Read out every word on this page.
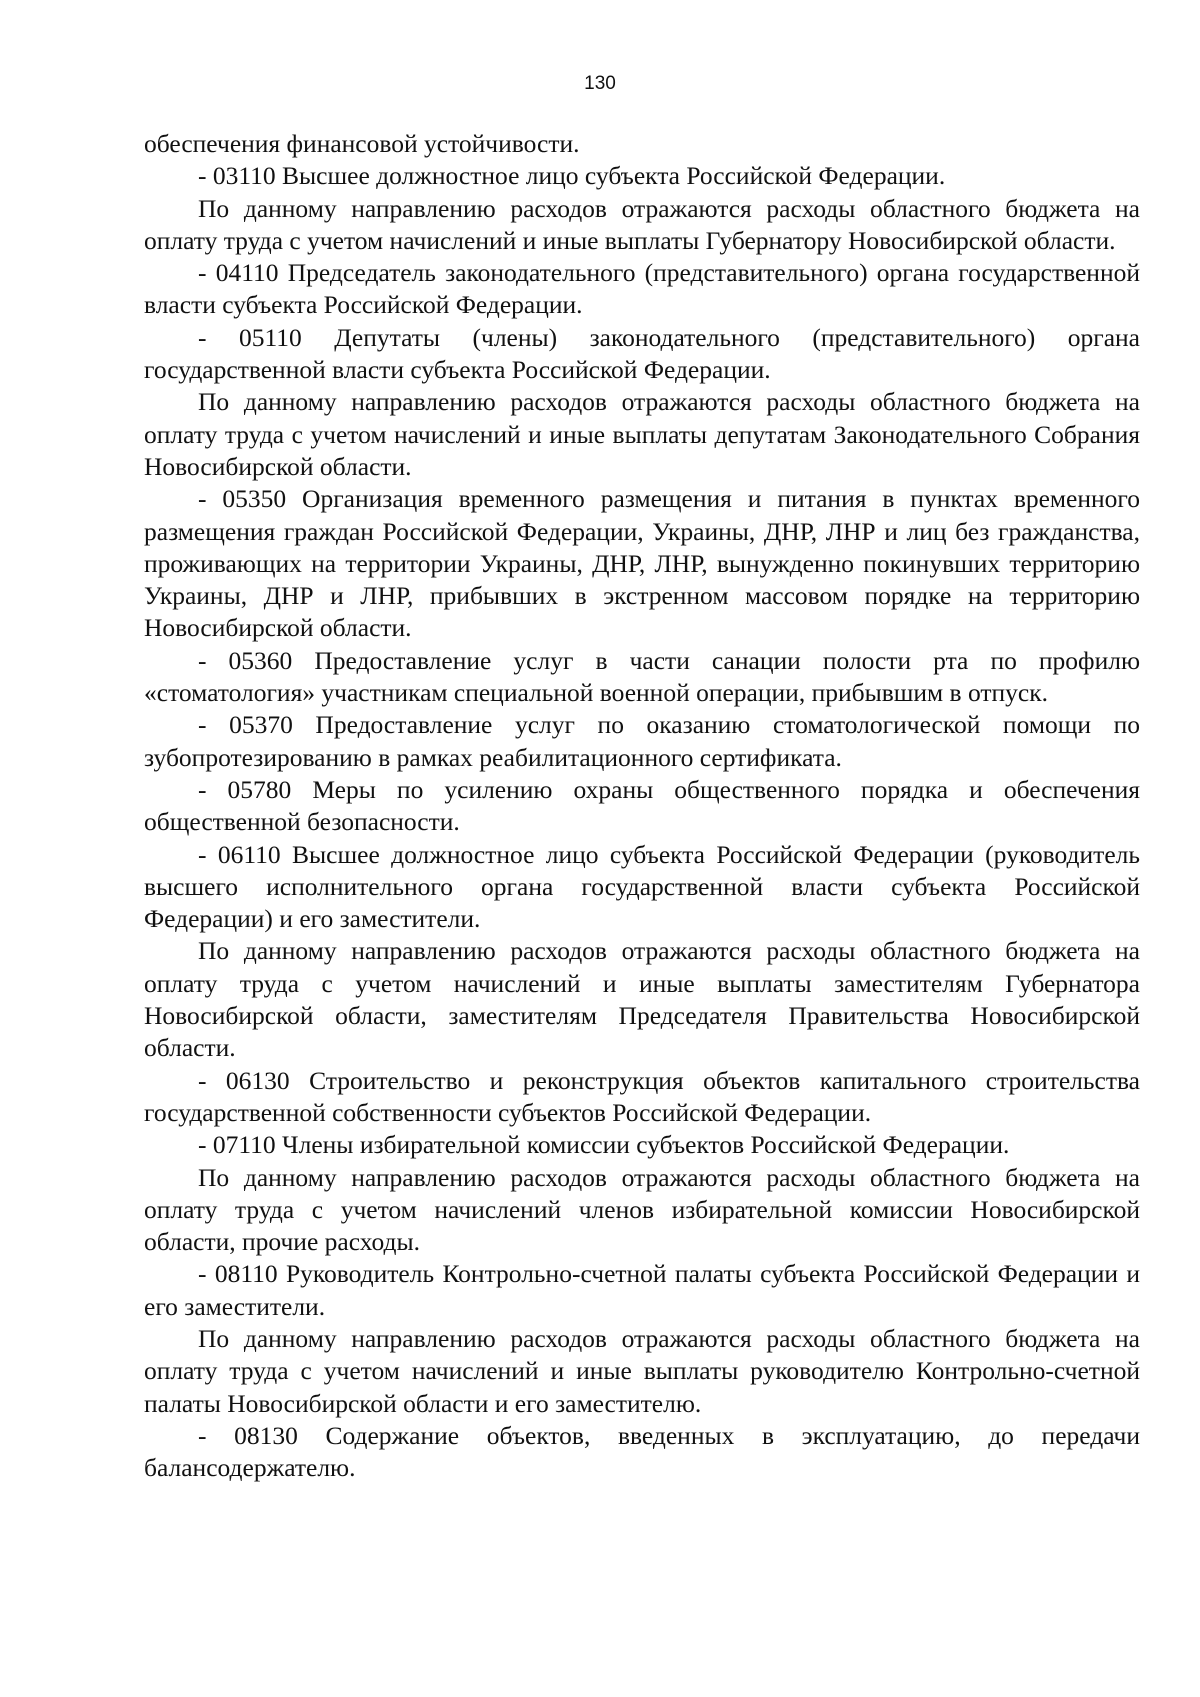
130

обеспечения финансовой устойчивости.

- 03110 Высшее должностное лицо субъекта Российской Федерации.

По данному направлению расходов отражаются расходы областного бюджета на оплату труда с учетом начислений и иные выплаты Губернатору Новосибирской области.

- 04110 Председатель законодательного (представительного) органа государственной власти субъекта Российской Федерации.

- 05110 Депутаты (члены) законодательного (представительного) органа государственной власти субъекта Российской Федерации.

По данному направлению расходов отражаются расходы областного бюджета на оплату труда с учетом начислений и иные выплаты депутатам Законодательного Собрания Новосибирской области.

- 05350 Организация временного размещения и питания в пунктах временного размещения граждан Российской Федерации, Украины, ДНР, ЛНР и лиц без гражданства, проживающих на территории Украины, ДНР, ЛНР, вынужденно покинувших территорию Украины, ДНР и ЛНР, прибывших в экстренном массовом порядке на территорию Новосибирской области.

- 05360 Предоставление услуг в части санации полости рта по профилю «стоматология» участникам специальной военной операции, прибывшим в отпуск.

- 05370 Предоставление услуг по оказанию стоматологической помощи по зубопротезированию в рамках реабилитационного сертификата.

- 05780 Меры по усилению охраны общественного порядка и обеспечения общественной безопасности.

- 06110 Высшее должностное лицо субъекта Российской Федерации (руководитель высшего исполнительного органа государственной власти субъекта Российской Федерации) и его заместители.

По данному направлению расходов отражаются расходы областного бюджета на оплату труда с учетом начислений и иные выплаты заместителям Губернатора Новосибирской области, заместителям Председателя Правительства Новосибирской области.

- 06130 Строительство и реконструкция объектов капитального строительства государственной собственности субъектов Российской Федерации.

- 07110 Члены избирательной комиссии субъектов Российской Федерации.

По данному направлению расходов отражаются расходы областного бюджета на оплату труда с учетом начислений членов избирательной комиссии Новосибирской области, прочие расходы.

- 08110 Руководитель Контрольно-счетной палаты субъекта Российской Федерации и его заместители.

По данному направлению расходов отражаются расходы областного бюджета на оплату труда с учетом начислений и иные выплаты руководителю Контрольно-счетной палаты Новосибирской области и его заместителю.

- 08130 Содержание объектов, введенных в эксплуатацию, до передачи балансодержателю.
